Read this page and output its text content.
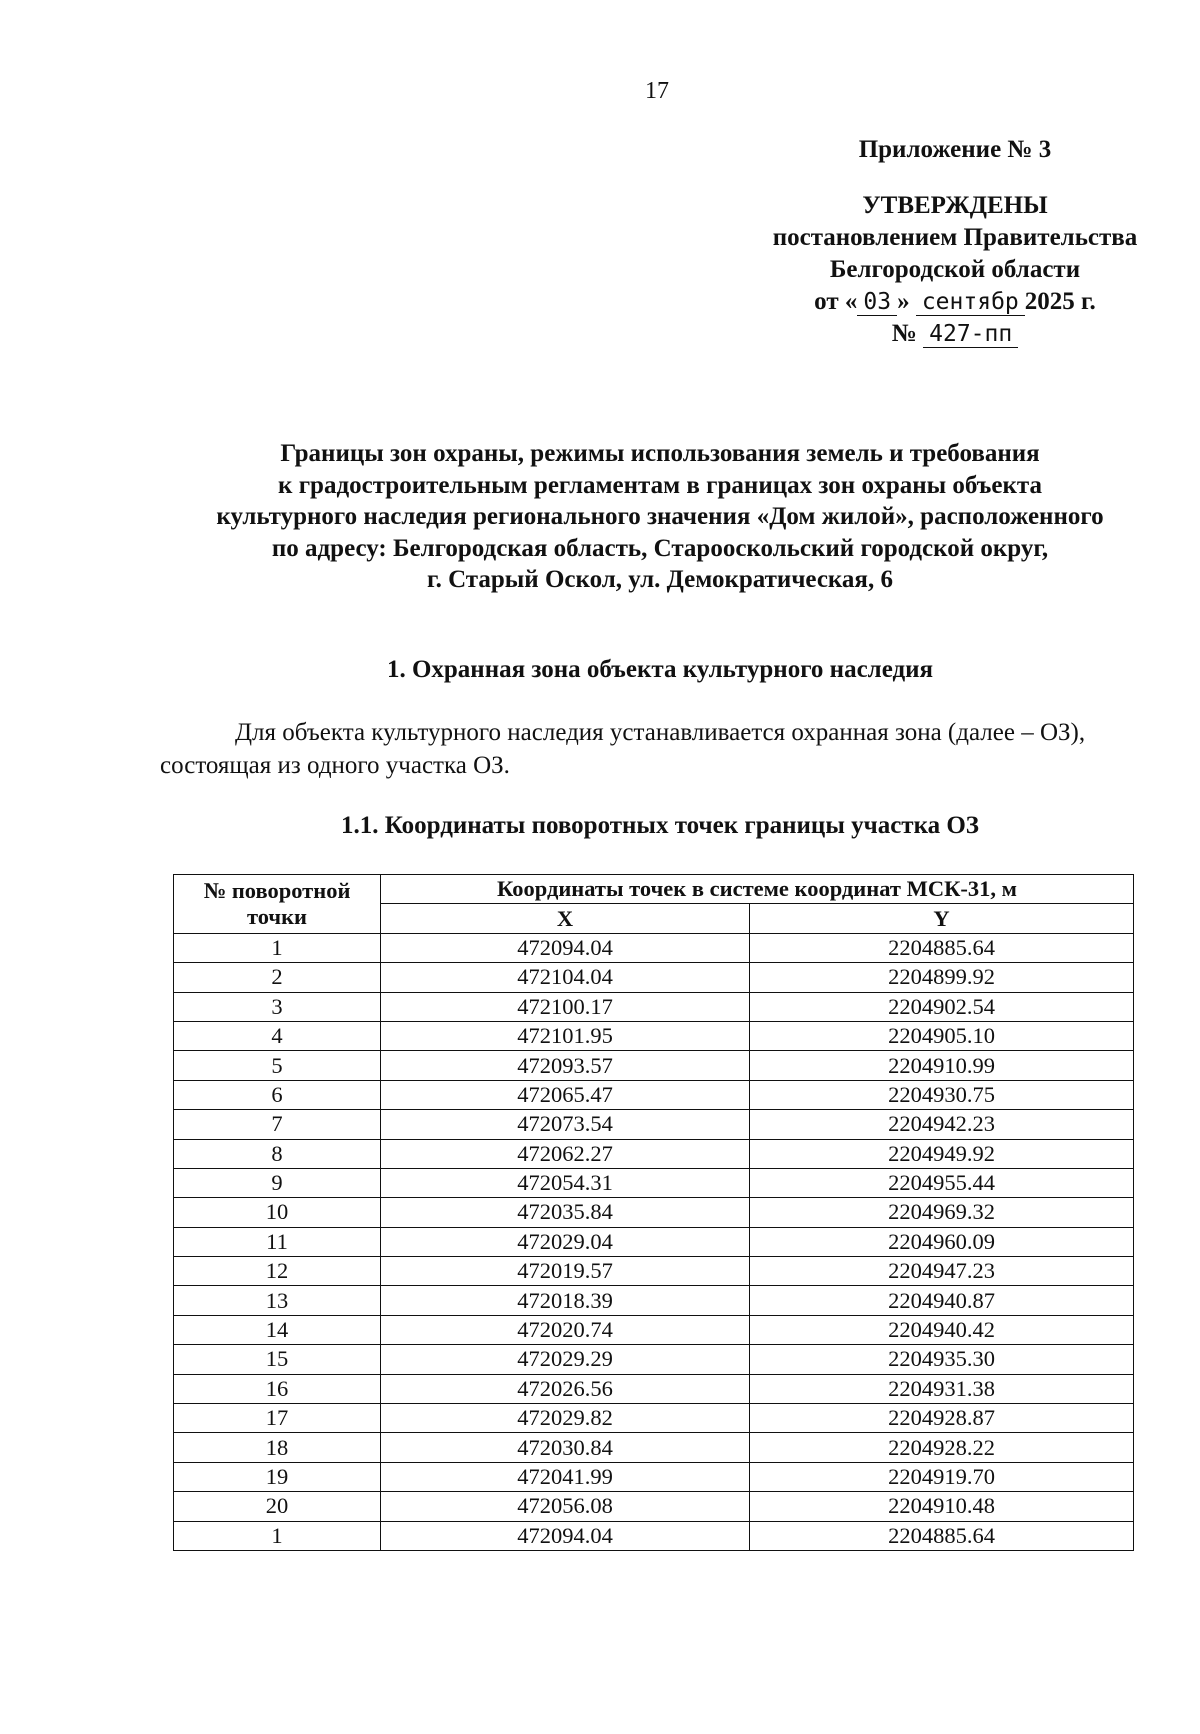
17
Приложение № 3
УТВЕРЖДЕНЫ
постановлением Правительства
Белгородской области
от « 03 » сентябр 2025 г.
№ 427-пп
Границы зон охраны, режимы использования земель и требования
к градостроительным регламентам в границах зон охраны объекта
культурного наследия регионального значения «Дом жилой», расположенного
по адресу: Белгородская область, Старооскольский городской округ,
г. Старый Оскол, ул. Демократическая, 6
1. Охранная зона объекта культурного наследия
Для объекта культурного наследия устанавливается охранная зона (далее – ОЗ),
состоящая из одного участка ОЗ.
1.1. Координаты поворотных точек границы участка ОЗ
№ поворотной
точки	Координаты точек в системе координат МСК-31, м	
	X	Y
1	472094.04	2204885.64
2	472104.04	2204899.92
3	472100.17	2204902.54
4	472101.95	2204905.10
5	472093.57	2204910.99
6	472065.47	2204930.75
7	472073.54	2204942.23
8	472062.27	2204949.92
9	472054.31	2204955.44
10	472035.84	2204969.32
11	472029.04	2204960.09
12	472019.57	2204947.23
13	472018.39	2204940.87
14	472020.74	2204940.42
15	472029.29	2204935.30
16	472026.56	2204931.38
17	472029.82	2204928.87
18	472030.84	2204928.22
19	472041.99	2204919.70
20	472056.08	2204910.48
1	472094.04	2204885.64
